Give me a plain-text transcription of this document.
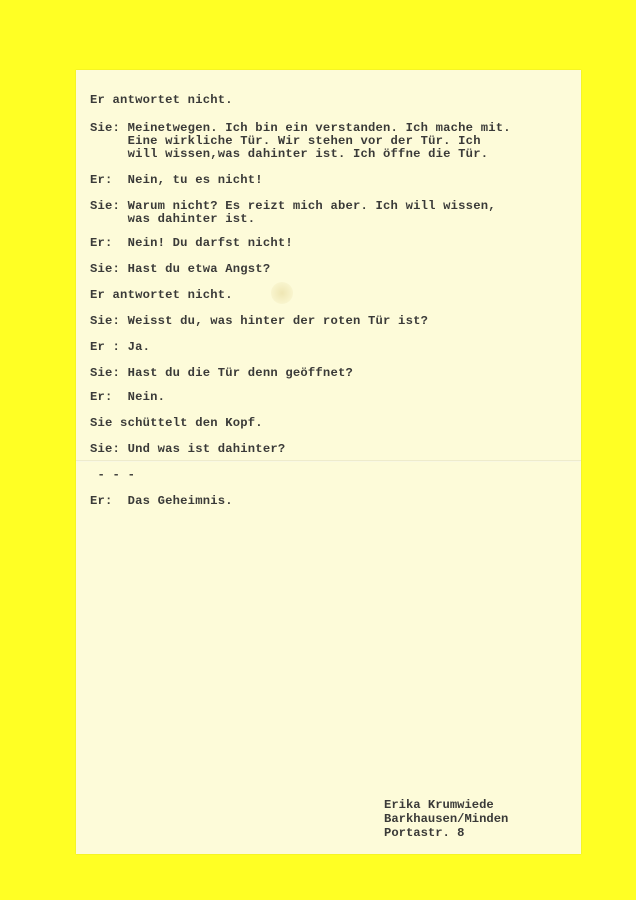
Er antwortet nicht.

Sie: Meinetwegen. Ich bin ein verstanden. Ich mache mit.

Eine wirkliche Tür. Wir stehen vor der Tür. Ich

will wissen,was dahinter ist. Ich öffne die Tür.

Er:  Nein, tu es nicht!

Sie: Warum nicht? Es reizt mich aber. Ich will wissen,

was dahinter ist.

Er:  Nein! Du darfst nicht!

Sie: Hast du etwa Angst?

Er antwortet nicht.

Sie: Weisst du, was hinter der roten Tür ist?

Er : Ja.

Sie: Hast du die Tür denn geöffnet?

Er:  Nein.

Sie schüttelt den Kopf.

Sie: Und was ist dahinter?

- - -

Er:  Das Geheimnis.

Erika Krumwiede

Barkhausen/Minden

Portastr. 8
